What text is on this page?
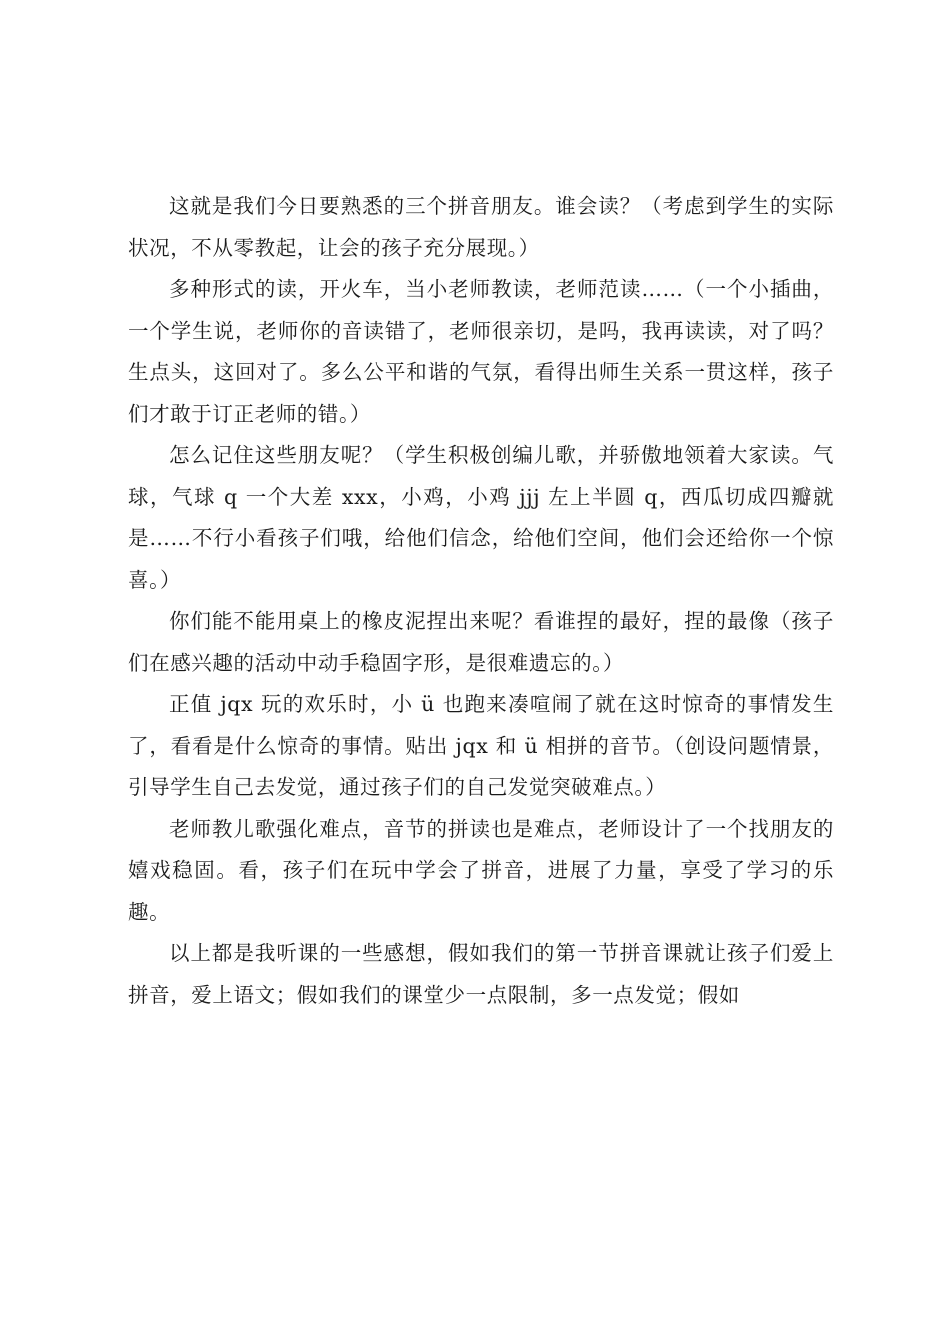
这就是我们今日要熟悉的三个拼音朋友。谁会读？（考虑到学生的实际状况，不从零教起，让会的孩子充分展现。）

多种形式的读，开火车，当小老师教读，老师范读……（一个小插曲，一个学生说，老师你的音读错了，老师很亲切，是吗，我再读读，对了吗？生点头，这回对了。多么公平和谐的气氛，看得出师生关系一贯这样，孩子们才敢于订正老师的错。）

怎么记住这些朋友呢？（学生积极创编儿歌，并骄傲地领着大家读。气球，气球 q 一个大差 xxx，小鸡，小鸡 jjj 左上半圆 q，西瓜切成四瓣就是……不行小看孩子们哦，给他们信念，给他们空间，他们会还给你一个惊喜。）

你们能不能用桌上的橡皮泥捏出来呢？看谁捏的最好，捏的最像（孩子们在感兴趣的活动中动手稳固字形，是很难遗忘的。）

正值 jqx 玩的欢乐时，小 ü 也跑来凑喧闹了就在这时惊奇的事情发生了，看看是什么惊奇的事情。贴出 jqx 和 ü 相拼的音节。（创设问题情景，引导学生自己去发觉，通过孩子们的自己发觉突破难点。）

老师教儿歌强化难点，音节的拼读也是难点，老师设计了一个找朋友的嬉戏稳固。看，孩子们在玩中学会了拼音，进展了力量，享受了学习的乐趣。

以上都是我听课的一些感想，假如我们的第一节拼音课就让孩子们爱上拼音，爱上语文；假如我们的课堂少一点限制，多一点发觉；假如
